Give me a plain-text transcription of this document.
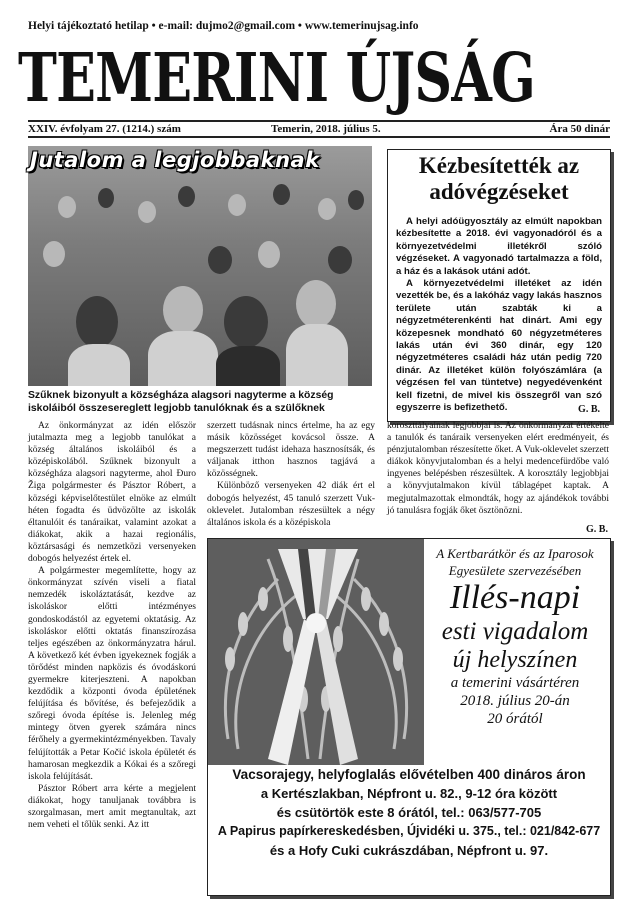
Helyi tájékoztató hetilap • e-mail: dujmo2@gmail.com • www.temerinujsag.info
TEMERINI ÚJSÁG
XXIV. évfolyam 27. (1214.) szám	Temerin, 2018. július 5.	Ára 50 dinár
Jutalom a legjobbaknak
Szűknek bizonyult a községháza alagsori nagyterme a község iskoláiból összesereglett legjobb tanulóknak és a szülőknek
Kézbesítették az adóvégzéseket

A helyi adóügyosztály az elmúlt napokban kézbesítette a 2018. évi vagyonadóról és a környezetvédelmi illetékről szóló végzéseket. A vagyonadó tartalmazza a föld, a ház és a lakások utáni adót.

A környezetvédelmi illetéket az idén vezették be, és a lakóház vagy lakás hasznos területe után szabták ki a négyzetméterenkénti hat dinárt. Ami egy közepesnek mondható 60 négyzetméteres lakás után évi 360 dinár, egy 120 négyzetméteres családi ház után pedig 720 dinár. Az illetéket külön folyószámlára (a végzésen fel van tüntetve) negyedévenként kell fizetni, de mivel kis összegről van szó egyszerre is befizethető.	G. B.

Az önkormányzat az idén először jutalmazta meg a legjobb tanulókat a község általános iskoláiból és a középiskolából. Szűknek bizonyult a községháza alagsori nagyterme, ahol Đuro Žiga polgármester és Pásztor Róbert, a községi képviselőtestület elnöke az elmúlt héten fogadta és üdvözölte az iskolák éltanulóit és tanáraikat, valamint azokat a diákokat, akik a hazai regionális, köztársasági és nemzetközi versenyeken dobogós helyezést értek el.

A polgármester megemlítette, hogy az önkormányzat szívén viseli a fiatal nemzedék iskoláztatását, kezdve az iskoláskor előtti intézményes gondoskodástól az egyetemi oktatásig. Az iskoláskor előtti oktatás finanszírozása teljes egészében az önkormányzatra hárul. A következő két évben igyekeznek fogják a törődést minden napközis és óvodáskorú gyermekre kiterjeszteni. A napokban kezdődik a központi óvoda épületének felújítása és bővítése, és befejeződik a szőregi óvoda építése is. Jelenleg még mintegy ötven gyerek számára nincs férőhely a gyermekintézményekben. Tavaly felújították a Petar Kočić iskola épületét és hamarosan megkezdik a Kókai és a szőregi iskola felújítását.

Pásztor Róbert arra kérte a megjelent diákokat, hogy tanuljanak továbbra is szorgalmasan, mert amit megtanultak, azt nem veheti el tőlük senki. Az itt

szerzett tudásnak nincs értelme, ha az egy másik közösséget kovácsol össze. A megszerzett tudást idehaza hasznosítsák, és váljanak itthon hasznos tagjává a közösségnek.

Különböző versenyeken 42 diák ért el dobogós helyezést, 45 tanuló szerzett Vuk-oklevelet. Jutalomban részesültek a négy általános iskola és a középiskola

koroszttályainak legjobbjai is. Az önkormányzat értékelte a tanulók és tanáraik versenyeken elért eredményeit, és pénzjutalomban részesítette őket. A Vuk-oklevelet szerzett diákok könyvjutalomban és a helyi medencefürdőbe való ingyenes belépésben részesültek. A korosztály legjobbjai a könyvjutalmakon kívül táblagépet kaptak. A megjutalmazottak elmondták, hogy az ajándékok további jó tanulásra fogják őket ösztönözni.

G. B.
A Kertbarátkör és az Iparosok
Egyesülete szervezésében
Illés-napi
esti vigadalom
új helyszínen
a temerini vásártéren
2018. július 20-án
20 órától
Vacsorajegy, helyfoglalás elővételben 400 dináros áron
a Kertészlakban, Népfront u. 82., 9-12 óra között
és csütörtök este 8 órától, tel.: 063/577-705
A Papirus papírkereskedésben, Újvidéki u. 375., tel.: 021/842-677
és a Hofy Cuki cukrászdában, Népfront u. 97.
